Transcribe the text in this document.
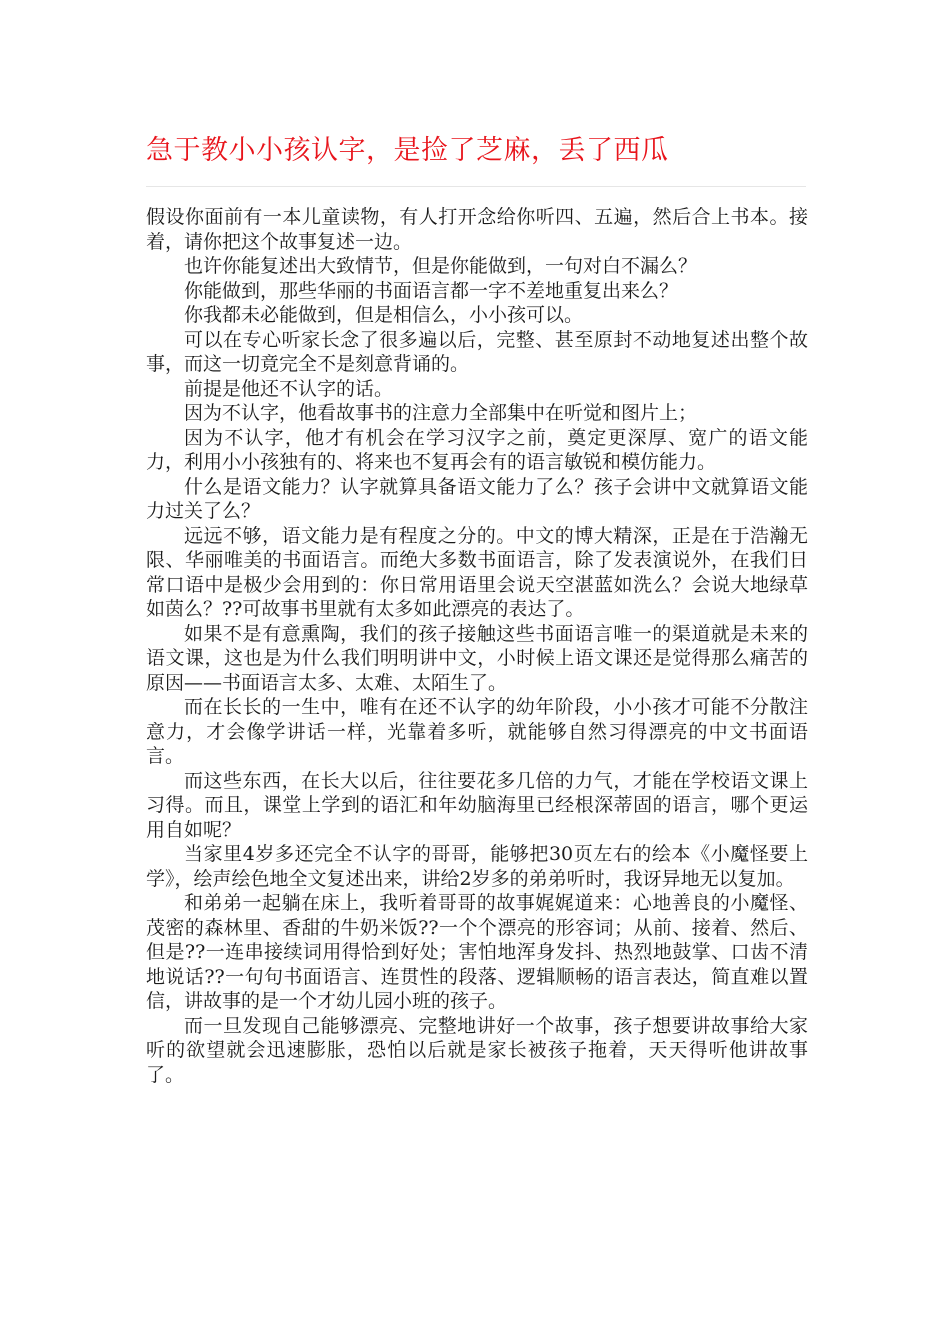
急于教小小孩认字，是捡了芝麻，丢了西瓜

假设你面前有一本儿童读物，有人打开念给你听四、五遍，然后合上书本。接着，请你把这个故事复述一边。

也许你能复述出大致情节，但是你能做到，一句对白不漏么？

你能做到，那些华丽的书面语言都一字不差地重复出来么？

你我都未必能做到，但是相信么，小小孩可以。

可以在专心听家长念了很多遍以后，完整、甚至原封不动地复述出整个故事，而这一切竟完全不是刻意背诵的。

前提是他还不认字的话。

因为不认字，他看故事书的注意力全部集中在听觉和图片上；

因为不认字，他才有机会在学习汉字之前，奠定更深厚、宽广的语文能力，利用小小孩独有的、将来也不复再会有的语言敏锐和模仿能力。

什么是语文能力？认字就算具备语文能力了么？孩子会讲中文就算语文能力过关了么？

远远不够，语文能力是有程度之分的。中文的博大精深，正是在于浩瀚无限、华丽唯美的书面语言。而绝大多数书面语言，除了发表演说外，在我们日常口语中是极少会用到的：你日常用语里会说天空湛蓝如洗么？会说大地绿草如茵么？??可故事书里就有太多如此漂亮的表达了。

如果不是有意熏陶，我们的孩子接触这些书面语言唯一的渠道就是未来的语文课，这也是为什么我们明明讲中文，小时候上语文课还是觉得那么痛苦的原因——书面语言太多、太难、太陌生了。

而在长长的一生中，唯有在还不认字的幼年阶段，小小孩才可能不分散注意力，才会像学讲话一样，光靠着多听，就能够自然习得漂亮的中文书面语言。

而这些东西，在长大以后，往往要花多几倍的力气，才能在学校语文课上习得。而且，课堂上学到的语汇和年幼脑海里已经根深蒂固的语言，哪个更运用自如呢？

当家里4岁多还完全不认字的哥哥，能够把30页左右的绘本《小魔怪要上学》，绘声绘色地全文复述出来，讲给2岁多的弟弟听时，我讶异地无以复加。

和弟弟一起躺在床上，我听着哥哥的故事娓娓道来：心地善良的小魔怪、茂密的森林里、香甜的牛奶米饭??一个个漂亮的形容词；从前、接着、然后、但是??一连串接续词用得恰到好处；害怕地浑身发抖、热烈地鼓掌、口齿不清地说话??一句句书面语言、连贯性的段落、逻辑顺畅的语言表达，简直难以置信，讲故事的是一个才幼儿园小班的孩子。

而一旦发现自己能够漂亮、完整地讲好一个故事，孩子想要讲故事给大家听的欲望就会迅速膨胀，恐怕以后就是家长被孩子拖着，天天得听他讲故事了。
